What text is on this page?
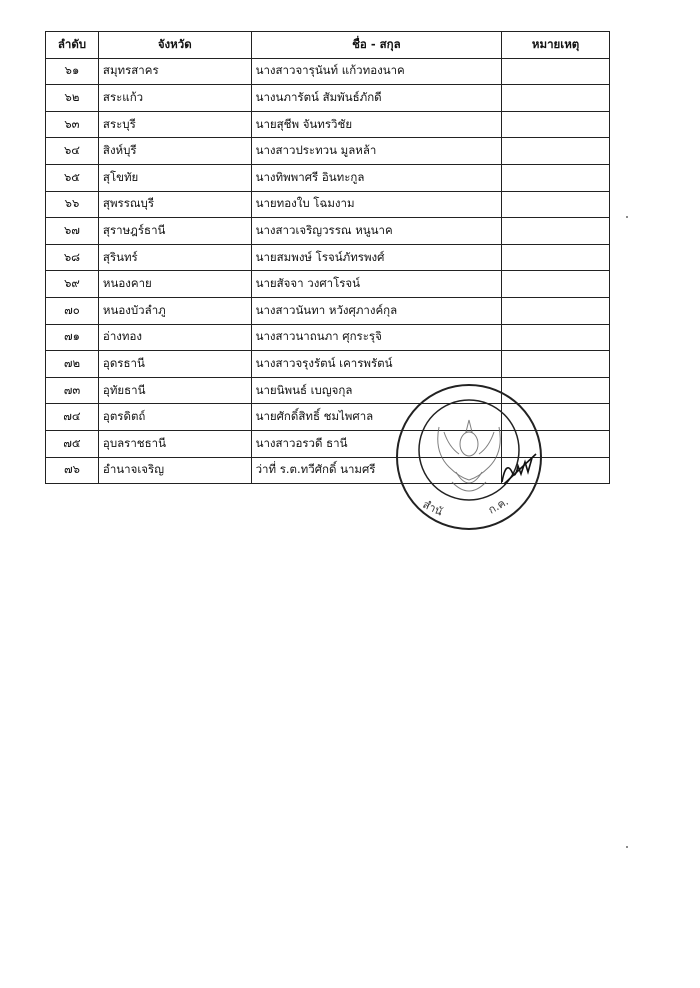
ลำดับ	จังหวัด	ชื่อ - สกุล	หมายเหตุ
๖๑	สมุทรสาคร	นางสาวจารุนันท์ แก้วทองนาค	
๖๒	สระแก้ว	นางนภารัตน์ สัมพันธ์ภักดี	
๖๓	สระบุรี	นายสุชีพ จันทรวิชัย	
๖๔	สิงห์บุรี	นางสาวประทวน มูลหล้า	
๖๕	สุโขทัย	นางทิพพาศรี อินทะกูล	
๖๖	สุพรรณบุรี	นายทองใบ โฉมงาม	
๖๗	สุราษฎร์ธานี	นางสาวเจริญวรรณ หนูนาค	
๖๘	สุรินทร์	นายสมพงษ์ โรจน์ภัทรพงศ์	
๖๙	หนองคาย	นายสัจจา วงศาโรจน์	
๗๐	หนองบัวลำภู	นางสาวนันทา หวังศุภางค์กุล	
๗๑	อ่างทอง	นางสาวนาถนภา ศุกระรุจิ	
๗๒	อุดรธานี	นางสาวจรุงรัตน์ เคารพรัตน์	
๗๓	อุทัยธานี	นายนิพนธ์ เบญจกุล	
๗๔	อุตรดิตถ์	นายศักดิ์สิทธิ์ ชมไพศาล	
๗๕	อุบลราชธานี	นางสาวอรวดี ธานี	
๗๖	อำนาจเจริญ	ว่าที่ ร.ต.ทวีศักดิ์ นามศรี	
สำนั	ก.ค.
